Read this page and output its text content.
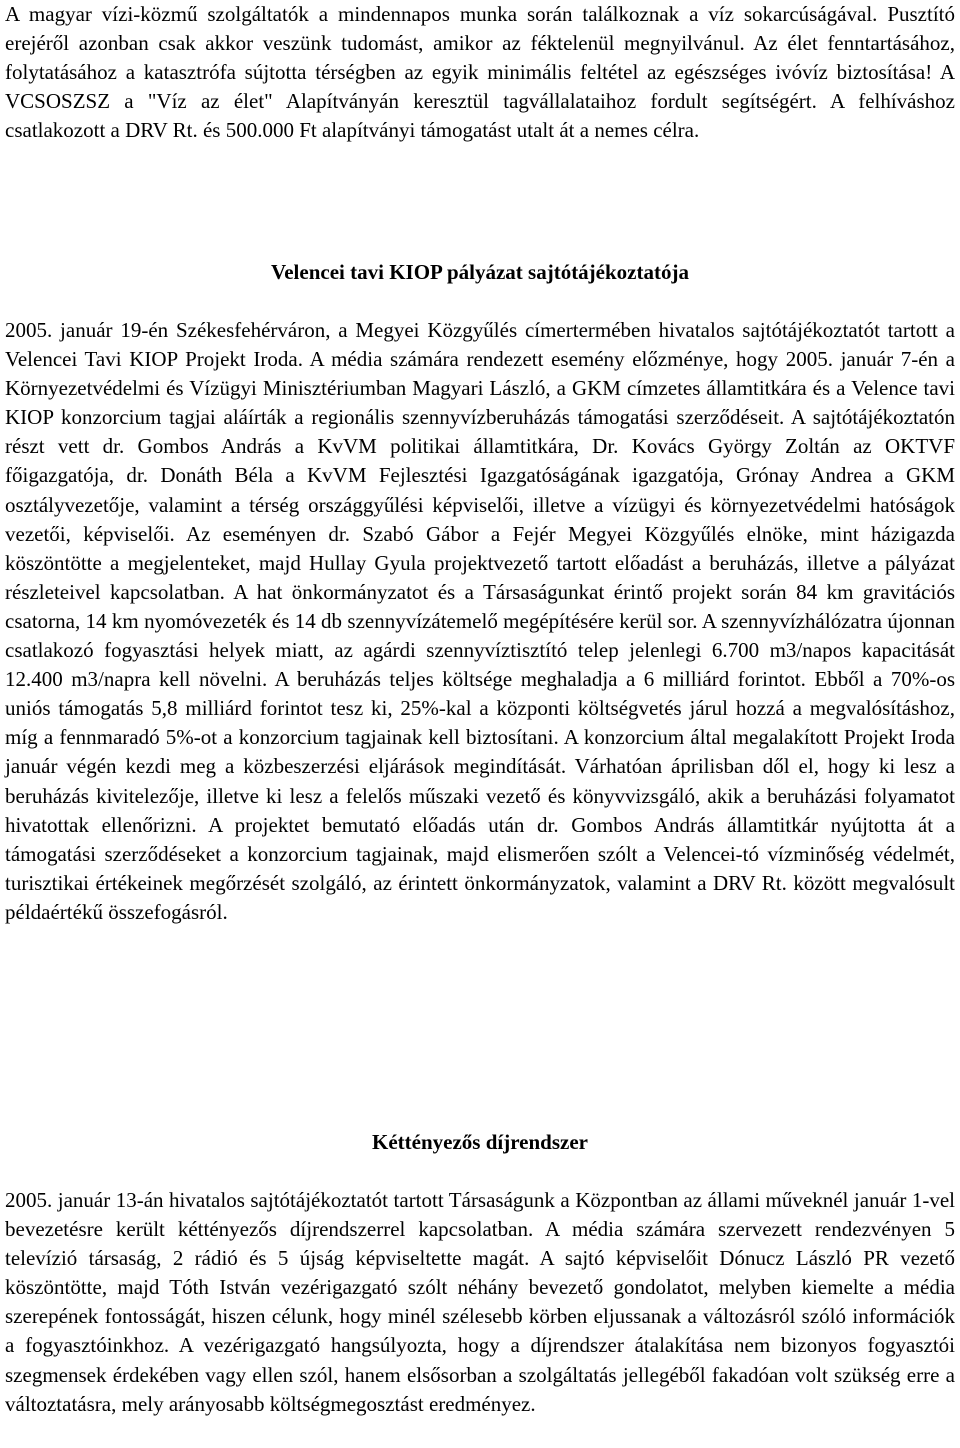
A magyar vízi-közmű szolgáltatók a mindennapos munka során találkoznak a víz sokarcúságával. Pusztító erejéről azonban csak akkor veszünk tudomást, amikor az féktelenül megnyilvánul. Az élet fenntartásához, folytatásához a katasztrófa sújtotta térségben az egyik minimális feltétel az egészséges ivóvíz biztosítása! A VCSOSZSZ a "Víz az élet" Alapítványán keresztül tagvállalataihoz fordult segítségért. A felhíváshoz csatlakozott a DRV Rt. és 500.000 Ft alapítványi támogatást utalt át a nemes célra.

Velencei tavi KIOP pályázat sajtótájékoztatója

2005. január 19-én Székesfehérváron, a Megyei Közgyűlés címertermében hivatalos sajtótájékoztatót tartott a Velencei Tavi KIOP Projekt Iroda. A média számára rendezett esemény előzménye, hogy 2005. január 7-én a Környezetvédelmi és Vízügyi Minisztériumban Magyari László, a GKM címzetes államtitkára és a Velence tavi KIOP konzorcium tagjai aláírták a regionális szennyvízberuházás támogatási szerződéseit. A sajtótájékoztatón részt vett dr. Gombos András a KvVM politikai államtitkára, Dr. Kovács György Zoltán az OKTVF főigazgatója, dr. Donáth Béla a KvVM Fejlesztési Igazgatóságának igazgatója, Grónay Andrea a GKM osztályvezetője, valamint a térség országgyűlési képviselői, illetve a vízügyi és környezetvédelmi hatóságok vezetői, képviselői. Az eseményen dr. Szabó Gábor a Fejér Megyei Közgyűlés elnöke, mint házigazda köszöntötte a megjelenteket, majd Hullay Gyula projektvezető tartott előadást a beruházás, illetve a pályázat részleteivel kapcsolatban. A hat önkormányzatot és a Társaságunkat érintő projekt során 84 km gravitációs csatorna, 14 km nyomóvezeték és 14 db szennyvízátemelő megépítésére kerül sor. A szennyvízhálózatra újonnan csatlakozó fogyasztási helyek miatt, az agárdi szennyvíztisztító telep jelenlegi 6.700 m3/napos kapacitását 12.400 m3/napra kell növelni. A beruházás teljes költsége meghaladja a 6 milliárd forintot. Ebből a 70%-os uniós támogatás 5,8 milliárd forintot tesz ki, 25%-kal a központi költségvetés járul hozzá a megvalósításhoz, míg a fennmaradó 5%-ot a konzorcium tagjainak kell biztosítani. A konzorcium által megalakított Projekt Iroda január végén kezdi meg a közbeszerzési eljárások megindítását. Várhatóan áprilisban dől el, hogy ki lesz a beruházás kivitelezője, illetve ki lesz a felelős műszaki vezető és könyvvizsgáló, akik a beruházási folyamatot hivatottak ellenőrizni. A projektet bemutató előadás után dr. Gombos András államtitkár nyújtotta át a támogatási szerződéseket a konzorcium tagjainak, majd elismerően szólt a Velencei-tó vízminőség védelmét, turisztikai értékeinek megőrzését szolgáló, az érintett önkormányzatok, valamint a DRV Rt. között megvalósult példaértékű összefogásról.

Kéttényezős díjrendszer

2005. január 13-án hivatalos sajtótájékoztatót tartott Társaságunk a Központban az állami műveknél január 1-vel bevezetésre került kéttényezős díjrendszerrel kapcsolatban. A média számára szervezett rendezvényen 5 televízió társaság, 2 rádió és 5 újság képviseltette magát. A sajtó képviselőit Dónucz László PR vezető köszöntötte, majd Tóth István vezérigazgató szólt néhány bevezető gondolatot, melyben kiemelte a média szerepének fontosságát, hiszen célunk, hogy minél szélesebb körben eljussanak a változásról szóló információk a fogyasztóinkhoz. A vezérigazgató hangsúlyozta, hogy a díjrendszer átalakítása nem bizonyos fogyasztói szegmensek érdekében vagy ellen szól, hanem elsősorban a szolgáltatás jellegéből fakadóan volt szükség erre a változtatásra, mely arányosabb költségmegosztást eredményez.
